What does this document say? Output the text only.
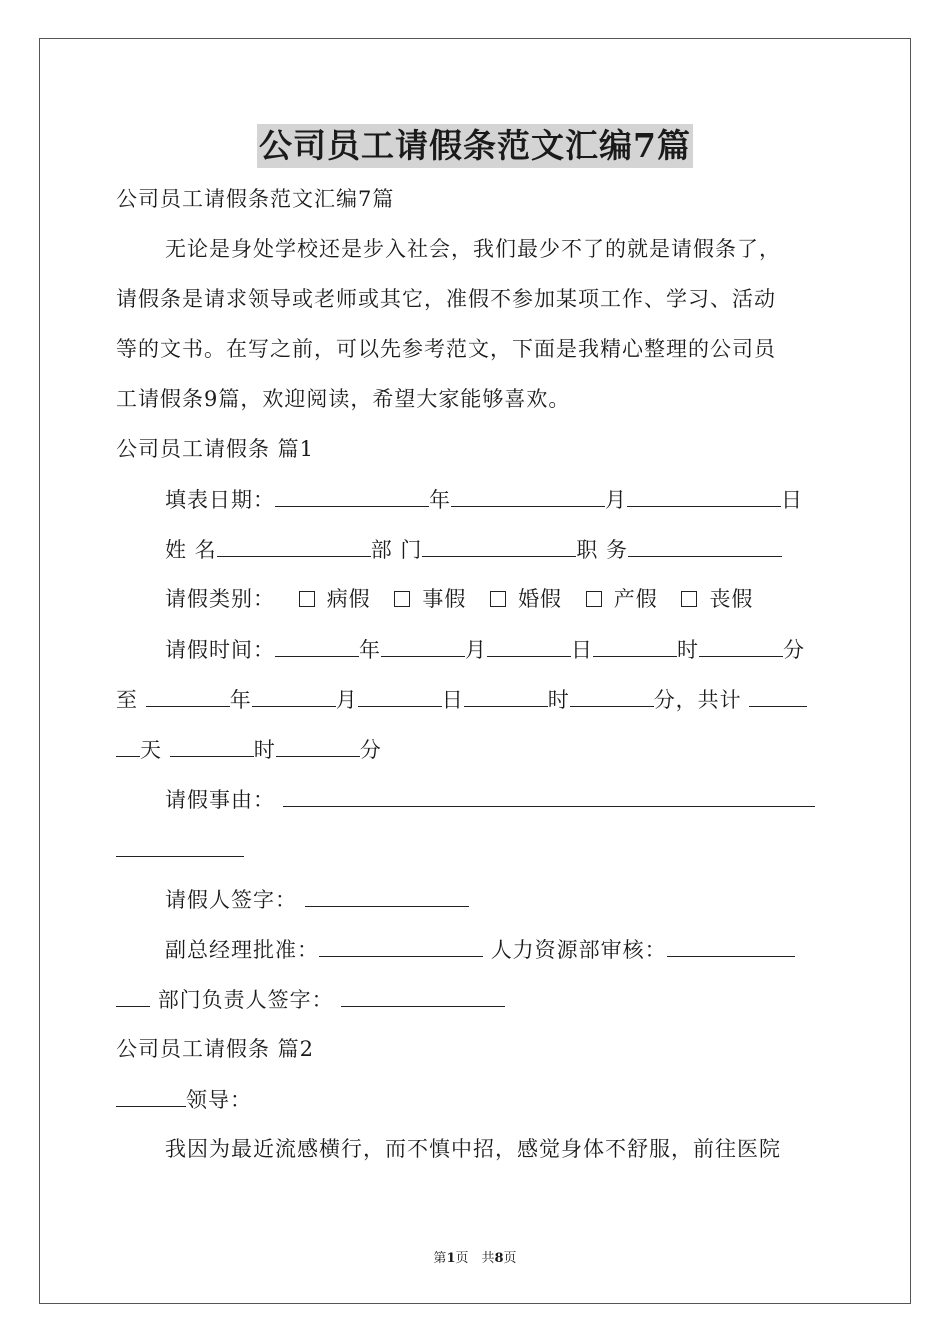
公司员工请假条范文汇编7篇
公司员工请假条范文汇编7篇
无论是身处学校还是步入社会，我们最少不了的就是请假条了，
请假条是请求领导或老师或其它，准假不参加某项工作、学习、活动
等的文书。在写之前，可以先参考范文，下面是我精心整理的公司员
工请假条9篇，欢迎阅读，希望大家能够喜欢。
公司员工请假条 篇1
填表日期：	年	月	日
姓 名	部 门	职 务
请假类别： 病假 事假 婚假 产假 丧假
请假时间：	年	月	日	时	分
至	年	月	日	时	分，共计
天	时	分
请假事由：
请假人签字：
副总经理批准：	人力资源部审核：
部门负责人签字：
公司员工请假条 篇2
领导：
我因为最近流感横行，而不慎中招，感觉身体不舒服，前往医院
第1页　共8页
